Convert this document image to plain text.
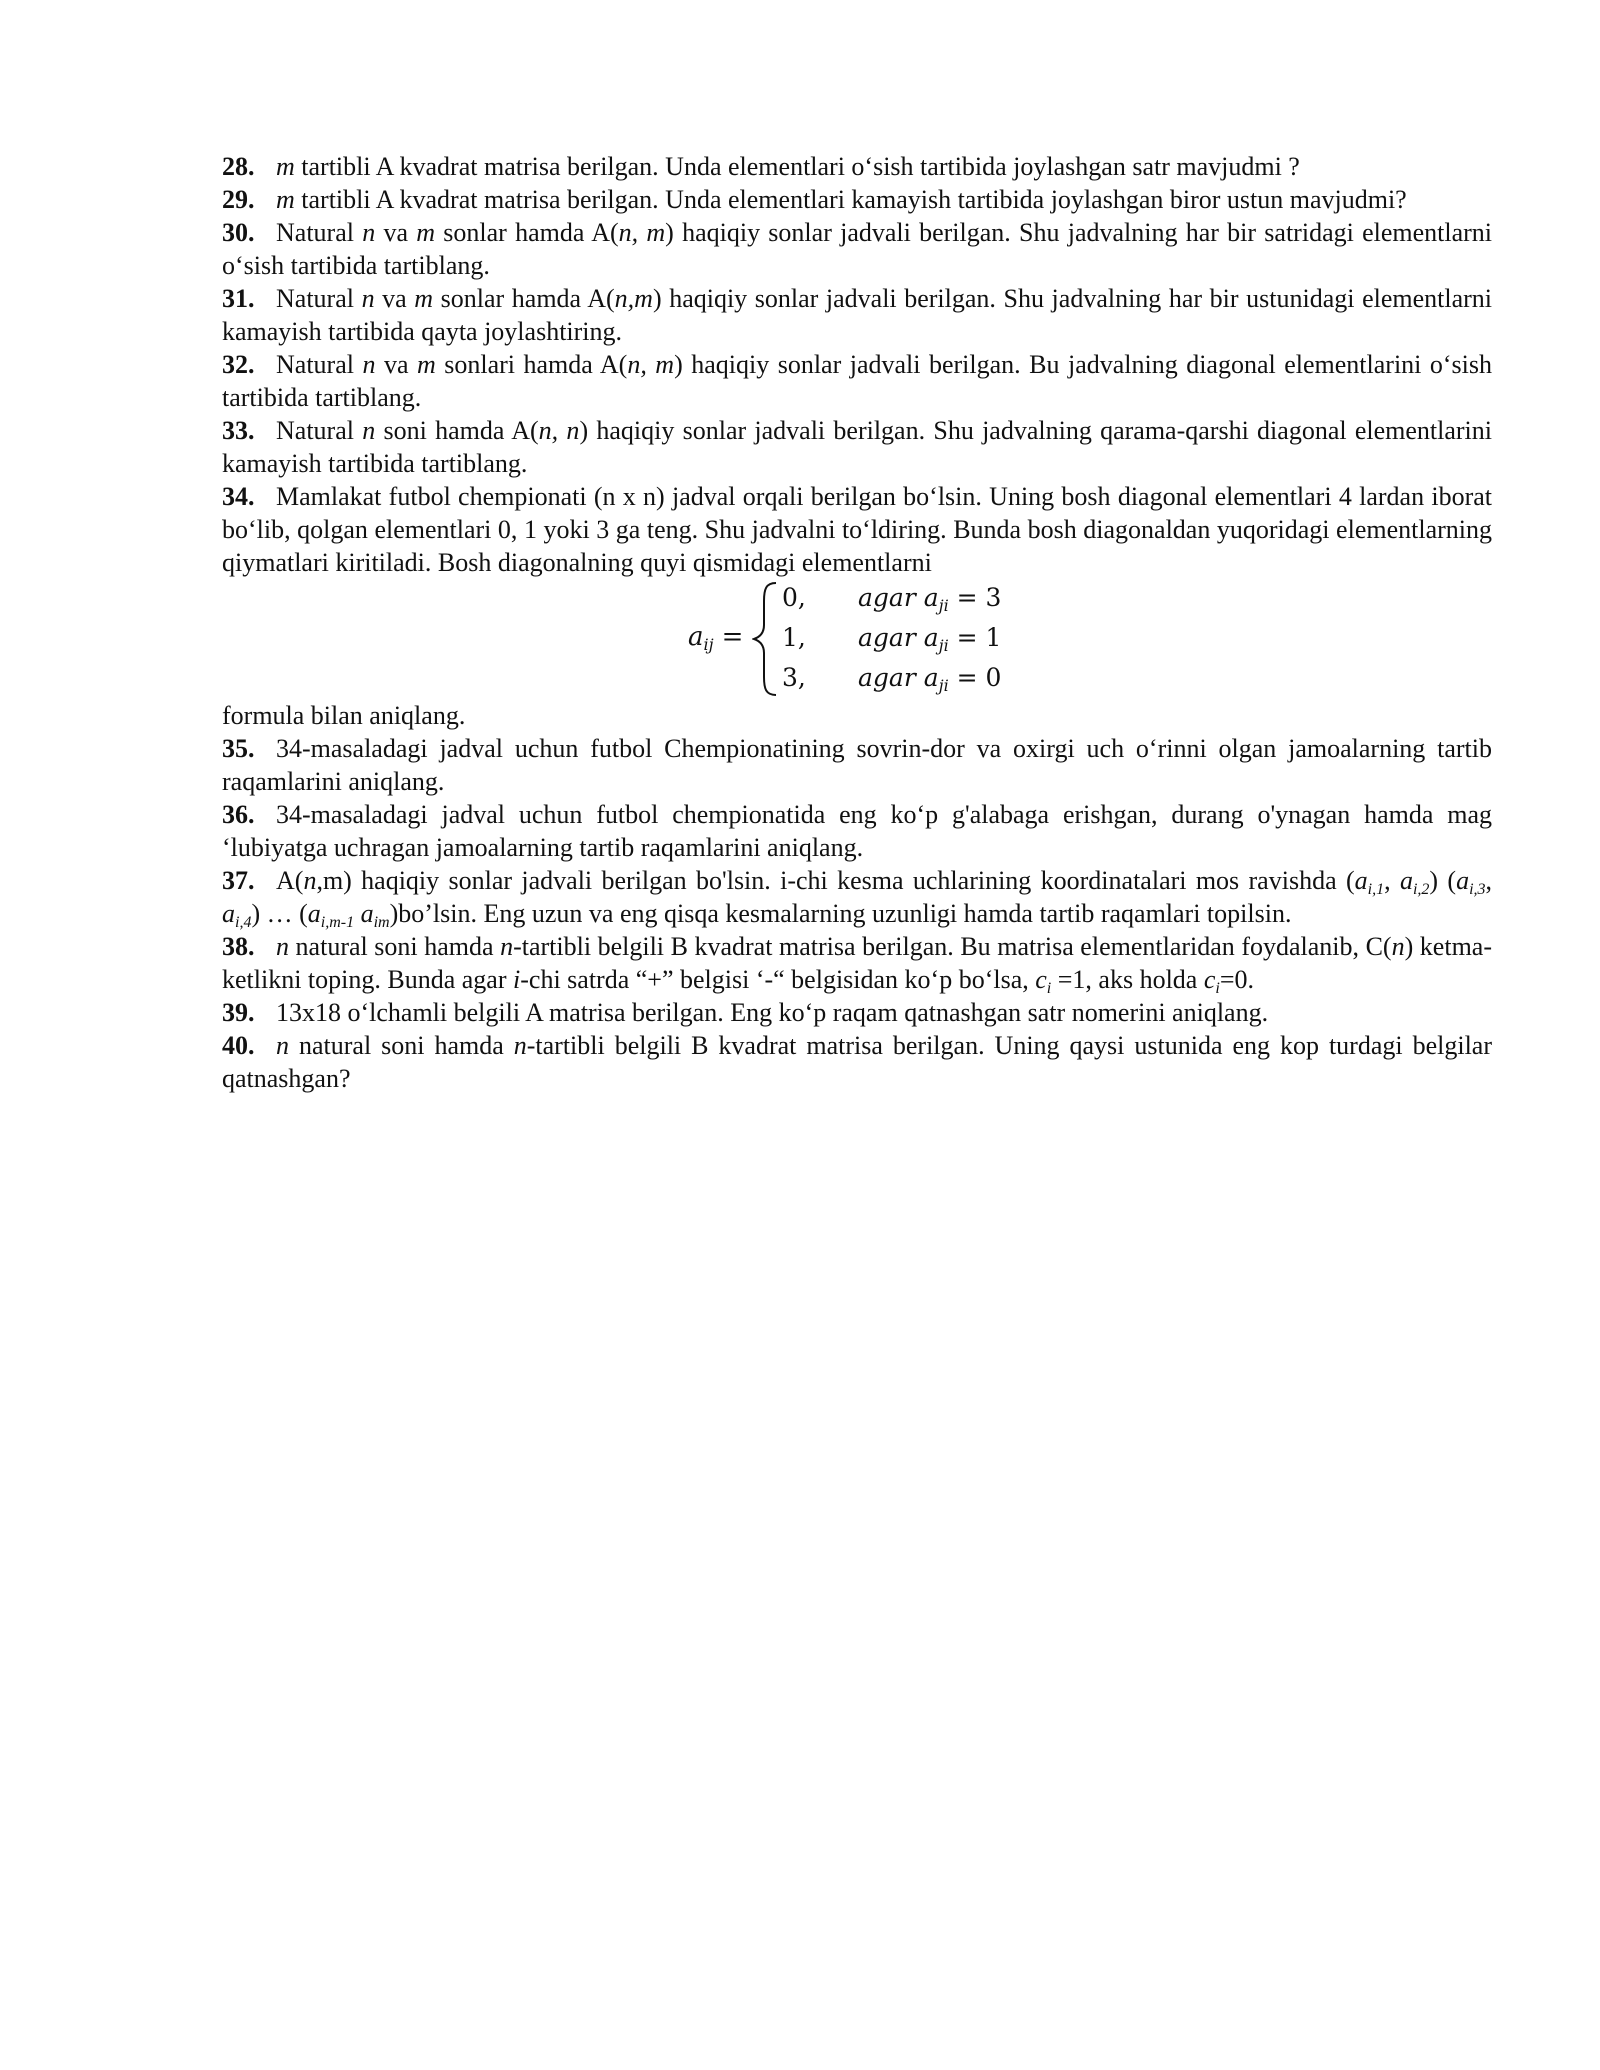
28. m tartibli A kvadrat matrisa berilgan. Unda elementlari o‘sish tartibida joylashgan satr mavjudmi ?

29. m tartibli A kvadrat matrisa berilgan. Unda elementlari kamayish tartibida joylashgan biror ustun mavjudmi?

30. Natural n va m sonlar hamda A(n, m) haqiqiy sonlar jadvali berilgan. Shu jadvalning har bir satridagi elementlarni o‘sish tartibida tartiblang.

31. Natural n va m sonlar hamda A(n,m) haqiqiy sonlar jadvali berilgan. Shu jadvalning har bir ustunidagi elementlarni kamayish tartibida qayta joylashtiring.

32. Natural n va m sonlari hamda A(n, m) haqiqiy sonlar jadvali berilgan. Bu jadvalning diagonal elementlarini o‘sish tartibida tartiblang.

33. Natural n soni hamda A(n, n) haqiqiy sonlar jadvali berilgan. Shu jadvalning qarama-qarshi diagonal elementlarini kamayish tartibida tartiblang.

34. Mamlakat futbol chempionati (n x n) jadval orqali berilgan bo‘lsin. Uning bosh diagonal elementlari 4 lardan iborat bo‘lib, qolgan elementlari 0, 1 yoki 3 ga teng. Shu jadvalni to‘ldiring. Bunda bosh diagonaldan yuqoridagi elementlarning qiymatlari kiritiladi. Bosh diagonalning quyi qismidagi elementlarni

$a_{ij}$ =
0, agar $a_{ji} = 3$
1, agar $a_{ji} = 1$
3, agar $a_{ji} = 0$

formula bilan aniqlang.

35. 34-masaladagi jadval uchun futbol Chempionatining sovrin-dor va oxirgi uch o‘rinni olgan jamoalarning tartib raqamlarini aniqlang.

36. 34-masaladagi jadval uchun futbol chempionatida eng ko‘p g'alabaga erishgan, durang o'ynagan hamda mag ‘lubiyatga uchragan jamoalarning tartib raqamlarini aniqlang.

37. A(n,m) haqiqiy sonlar jadvali berilgan bo'lsin. i-chi kesma uchlarining koordinatalari mos ravishda ($a_{i,1}$, $a_{i,2}$) ($a_{i,3}$, $a_{i,4}$) … ($a_{i,m-1}$ $a_{im})bo’lsin$. Eng uzun va eng qisqa kesmalarning uzunligi hamda tartib raqamlari topilsin.

38. n natural soni hamda n-tartibli belgili B kvadrat matrisa berilgan. Bu matrisa elementlaridan foydalanib, C(n) ketma-ketlikni toping. Bunda agar i-chi satrda “+” belgisi ‘-“ belgisidan ko‘p bo‘lsa, $c_i =1$, aks holda $c_i=0$.

39. 13x18 o‘lchamli belgili A matrisa berilgan. Eng ko‘p raqam qatnashgan satr nomerini aniqlang.

40. n natural soni hamda n-tartibli belgili B kvadrat matrisa berilgan. Uning qaysi ustunida eng kop turdagi belgilar qatnashgan?
